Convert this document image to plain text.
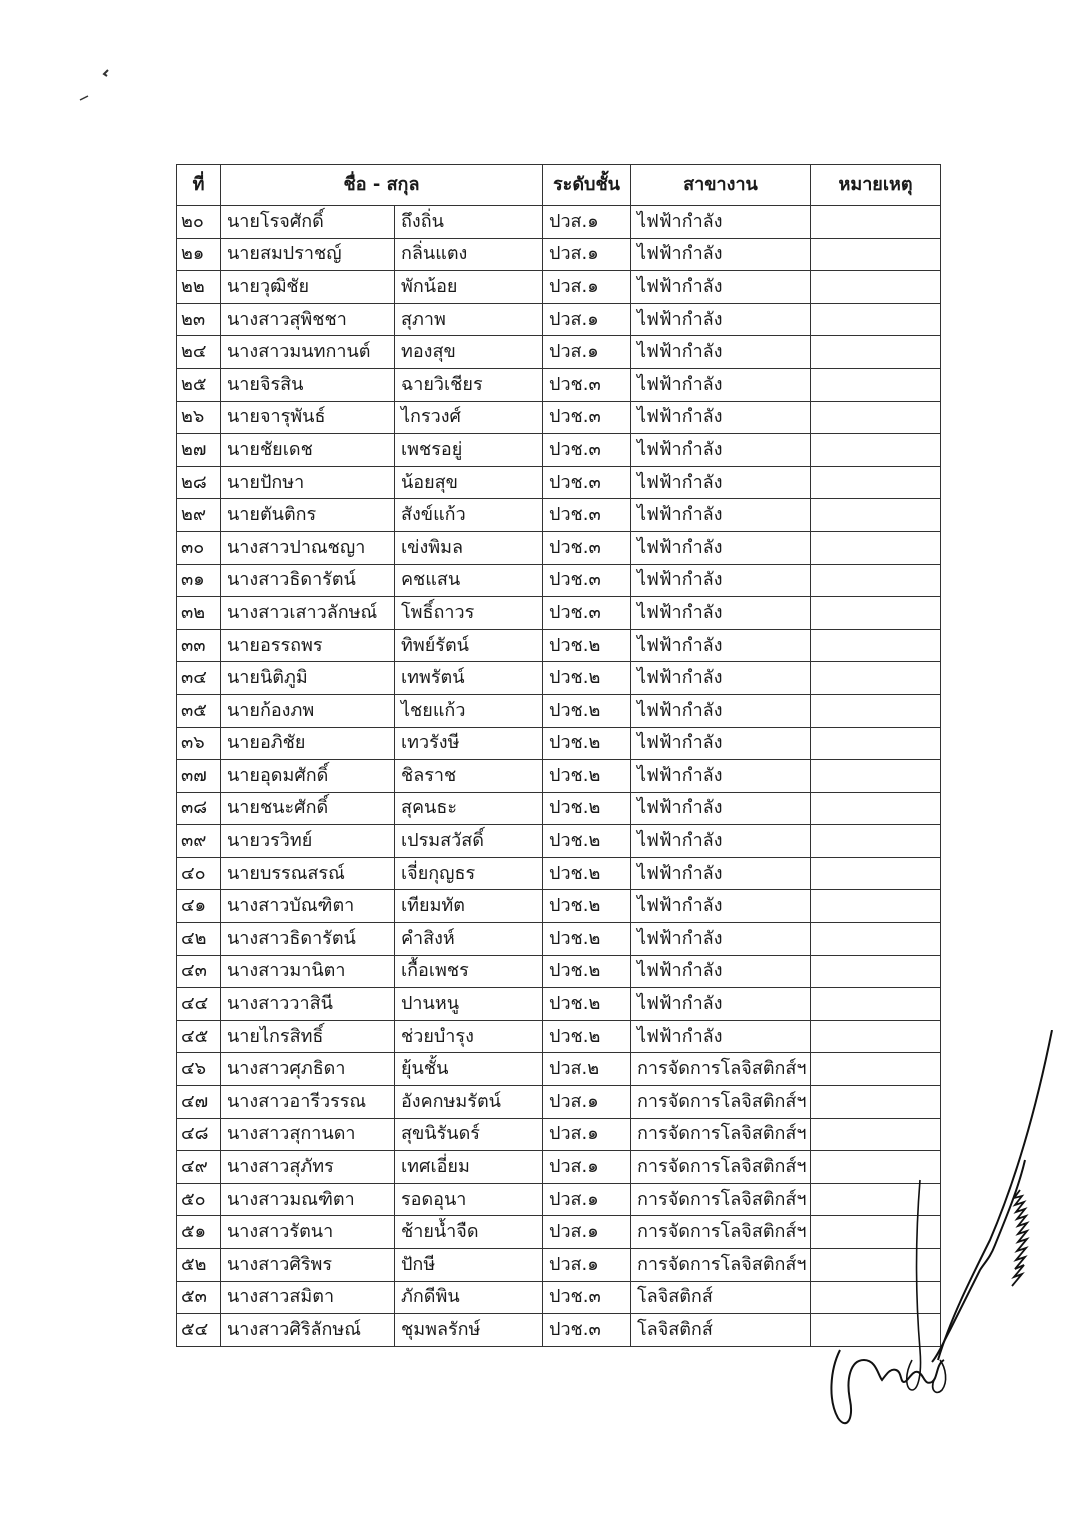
ที่	ชื่อ - สกุล		ระดับชั้น	สาขางาน	หมายเหตุ
๒๐	นายโรจศักดิ์	ถึงถิ่น	ปวส.๑	ไฟฟ้ากำลัง	
๒๑	นายสมปราชญ์	กลิ่นแตง	ปวส.๑	ไฟฟ้ากำลัง	
๒๒	นายวุฒิชัย	พักน้อย	ปวส.๑	ไฟฟ้ากำลัง	
๒๓	นางสาวสุพิชชา	สุภาพ	ปวส.๑	ไฟฟ้ากำลัง	
๒๔	นางสาวมนทกานต์	ทองสุข	ปวส.๑	ไฟฟ้ากำลัง	
๒๕	นายจิรสิน	ฉายวิเชียร	ปวช.๓	ไฟฟ้ากำลัง	
๒๖	นายจารุพันธ์	ไกรวงศ์	ปวช.๓	ไฟฟ้ากำลัง	
๒๗	นายชัยเดช	เพชรอยู่	ปวช.๓	ไฟฟ้ากำลัง	
๒๘	นายปักษา	น้อยสุข	ปวช.๓	ไฟฟ้ากำลัง	
๒๙	นายตันติกร	สังข์แก้ว	ปวช.๓	ไฟฟ้ากำลัง	
๓๐	นางสาวปาณชญา	เข่งพิมล	ปวช.๓	ไฟฟ้ากำลัง	
๓๑	นางสาวธิดารัตน์	คชแสน	ปวช.๓	ไฟฟ้ากำลัง	
๓๒	นางสาวเสาวลักษณ์	โพธิ์ถาวร	ปวช.๓	ไฟฟ้ากำลัง	
๓๓	นายอรรถพร	ทิพย์รัตน์	ปวช.๒	ไฟฟ้ากำลัง	
๓๔	นายนิติภูมิ	เทพรัตน์	ปวช.๒	ไฟฟ้ากำลัง	
๓๕	นายก้องภพ	ไชยแก้ว	ปวช.๒	ไฟฟ้ากำลัง	
๓๖	นายอภิชัย	เทวรังษี	ปวช.๒	ไฟฟ้ากำลัง	
๓๗	นายอุดมศักดิ์	ชิลราช	ปวช.๒	ไฟฟ้ากำลัง	
๓๘	นายชนะศักดิ์	สุคนธะ	ปวช.๒	ไฟฟ้ากำลัง	
๓๙	นายวรวิทย์	เปรมสวัสดิ์	ปวช.๒	ไฟฟ้ากำลัง	
๔๐	นายบรรณสรณ์	เจี่ยกุญธร	ปวช.๒	ไฟฟ้ากำลัง	
๔๑	นางสาวบัณฑิตา	เทียมทัต	ปวช.๒	ไฟฟ้ากำลัง	
๔๒	นางสาวธิดารัตน์	คำสิงห์	ปวช.๒	ไฟฟ้ากำลัง	
๔๓	นางสาวมานิตา	เกื้อเพชร	ปวช.๒	ไฟฟ้ากำลัง	
๔๔	นางสาววาสินี	ปานหนู	ปวช.๒	ไฟฟ้ากำลัง	
๔๕	นายไกรสิทธิ์	ช่วยบำรุง	ปวช.๒	ไฟฟ้ากำลัง	
๔๖	นางสาวศุภธิดา	ยุ้นชั้น	ปวส.๒	การจัดการโลจิสติกส์ฯ	
๔๗	นางสาวอารีวรรณ	อังคกษมรัตน์	ปวส.๑	การจัดการโลจิสติกส์ฯ	
๔๘	นางสาวสุกานดา	สุขนิรันดร์	ปวส.๑	การจัดการโลจิสติกส์ฯ	
๔๙	นางสาวสุภัทร	เทศเอี่ยม	ปวส.๑	การจัดการโลจิสติกส์ฯ	
๕๐	นางสาวมณฑิตา	รอดอุนา	ปวส.๑	การจัดการโลจิสติกส์ฯ	
๕๑	นางสาวรัตนา	ช้ายน้ำจืด	ปวส.๑	การจัดการโลจิสติกส์ฯ	
๕๒	นางสาวศิริพร	ปักษี	ปวส.๑	การจัดการโลจิสติกส์ฯ	
๕๓	นางสาวสมิตา	ภักดีพิน	ปวช.๓	โลจิสติกส์	
๕๔	นางสาวศิริลักษณ์	ชุมพลรักษ์	ปวช.๓	โลจิสติกส์	
